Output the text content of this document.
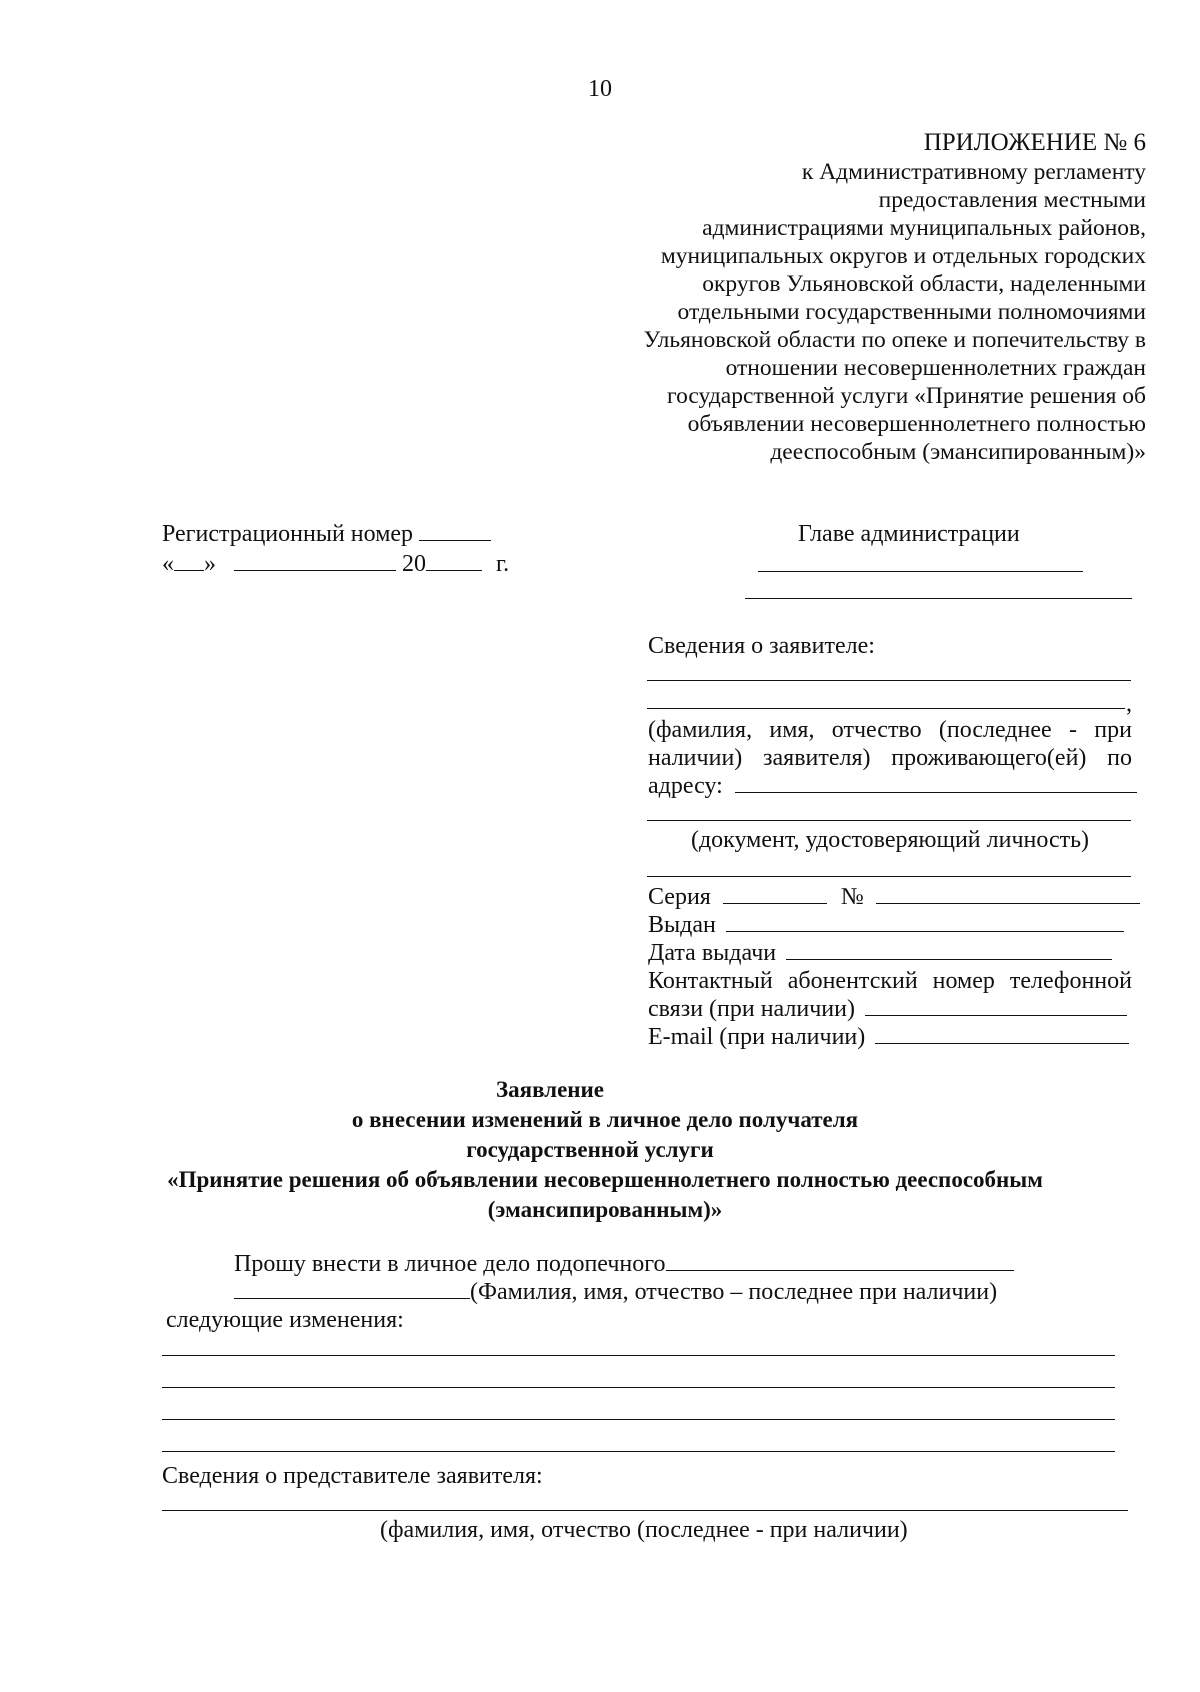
10
ПРИЛОЖЕНИЕ № 6
к Административному регламенту
предоставления местными
администрациями муниципальных районов,
муниципальных округов и отдельных городских
округов Ульяновской области, наделенными
отдельными государственными полномочиями
Ульяновской области по опеке и попечительству в
отношении несовершеннолетних граждан
государственной услуги «Принятие решения об
объявлении несовершеннолетнего полностью
дееспособным (эмансипированным)»
Регистрационный номер
« »	20	г.
Главе администрации
Сведения о заявителе:
,
(фамилия, имя, отчество (последнее - при
наличии) заявителя) проживающего(ей) по
адресу:
(документ, удостоверяющий личность)
Серия	№
Выдан
Дата выдачи
Контактный абонентский номер телефонной
связи (при наличии)
E-mail (при наличии)
Заявление
о внесении изменений в личное дело получателя
государственной услуги
«Принятие решения об объявлении несовершеннолетнего полностью дееспособным
(эмансипированным)»
Прошу внести в личное дело подопечного
(Фамилия, имя, отчество – последнее при наличии)
следующие изменения:
Сведения о представителе заявителя:
(фамилия, имя, отчество (последнее - при наличии)
